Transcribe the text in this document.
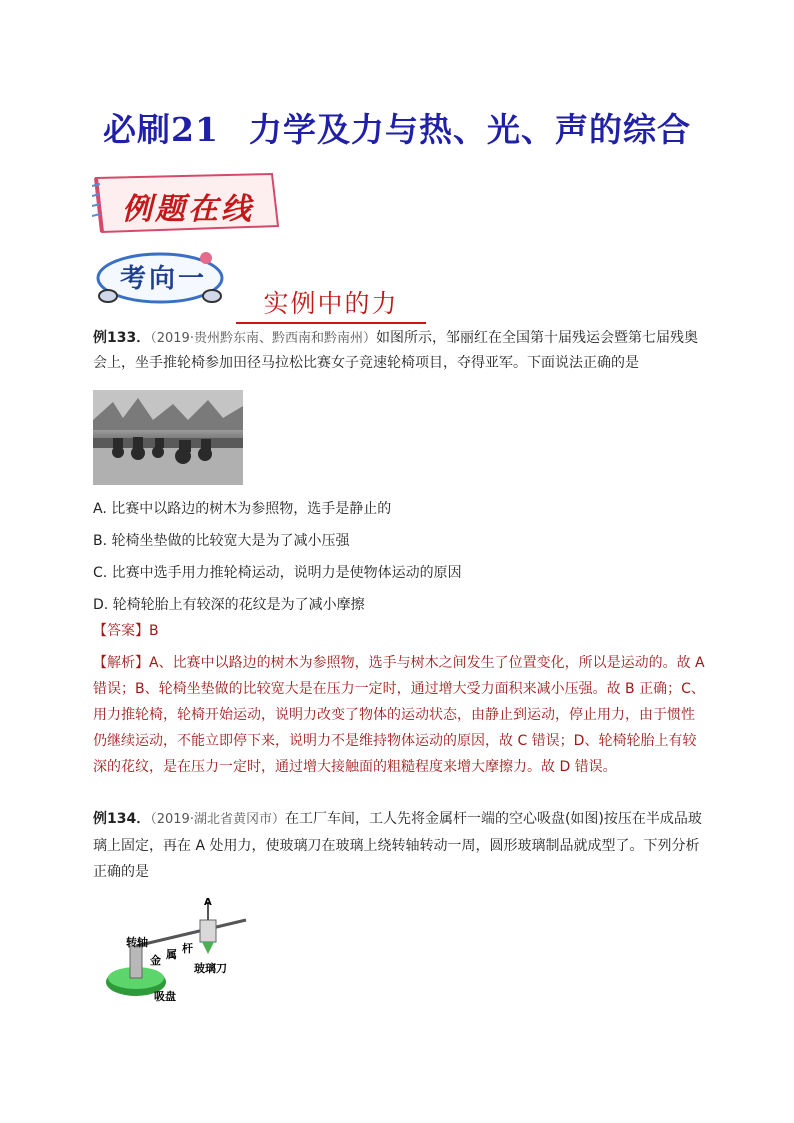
必刷21 力学及力与热、光、声的综合
例题在线
考向一
实例中的力
例133．（2019·贵州黔东南、黔西南和黔南州）如图所示，邹丽红在全国第十届残运会暨第七届残奥
会上，坐手推轮椅参加田径马拉松比赛女子竞速轮椅项目，夺得亚军。下面说法正确的是
A. 比赛中以路边的树木为参照物，选手是静止的
B. 轮椅坐垫做的比较宽大是为了减小压强
C. 比赛中选手用力推轮椅运动，说明力是使物体运动的原因
D. 轮椅轮胎上有较深的花纹是为了减小摩擦
【答案】B
【解析】A、比赛中以路边的树木为参照物，选手与树木之间发生了位置变化，所以是运动的。故 A
错误；B、轮椅坐垫做的比较宽大是在压力一定时，通过增大受力面积来减小压强。故 B 正确；C、
用力推轮椅，轮椅开始运动，说明力改变了物体的运动状态，由静止到运动，停止用力，由于惯性
仍继续运动，不能立即停下来，说明力不是维持物体运动的原因，故 C 错误；D、轮椅轮胎上有较
深的花纹，是在压力一定时，通过增大接触面的粗糙程度来增大摩擦力。故 D 错误。
例134．（2019·湖北省黄冈市）在工厂车间，工人先将金属杆一端的空心吸盘(如图)按压在半成品玻
璃上固定，再在 A 处用力，使玻璃刀在玻璃上绕转轴转动一周，圆形玻璃制品就成型了。下列分析
正确的是
A
转轴
金 属 杆
玻璃刀
吸盘
